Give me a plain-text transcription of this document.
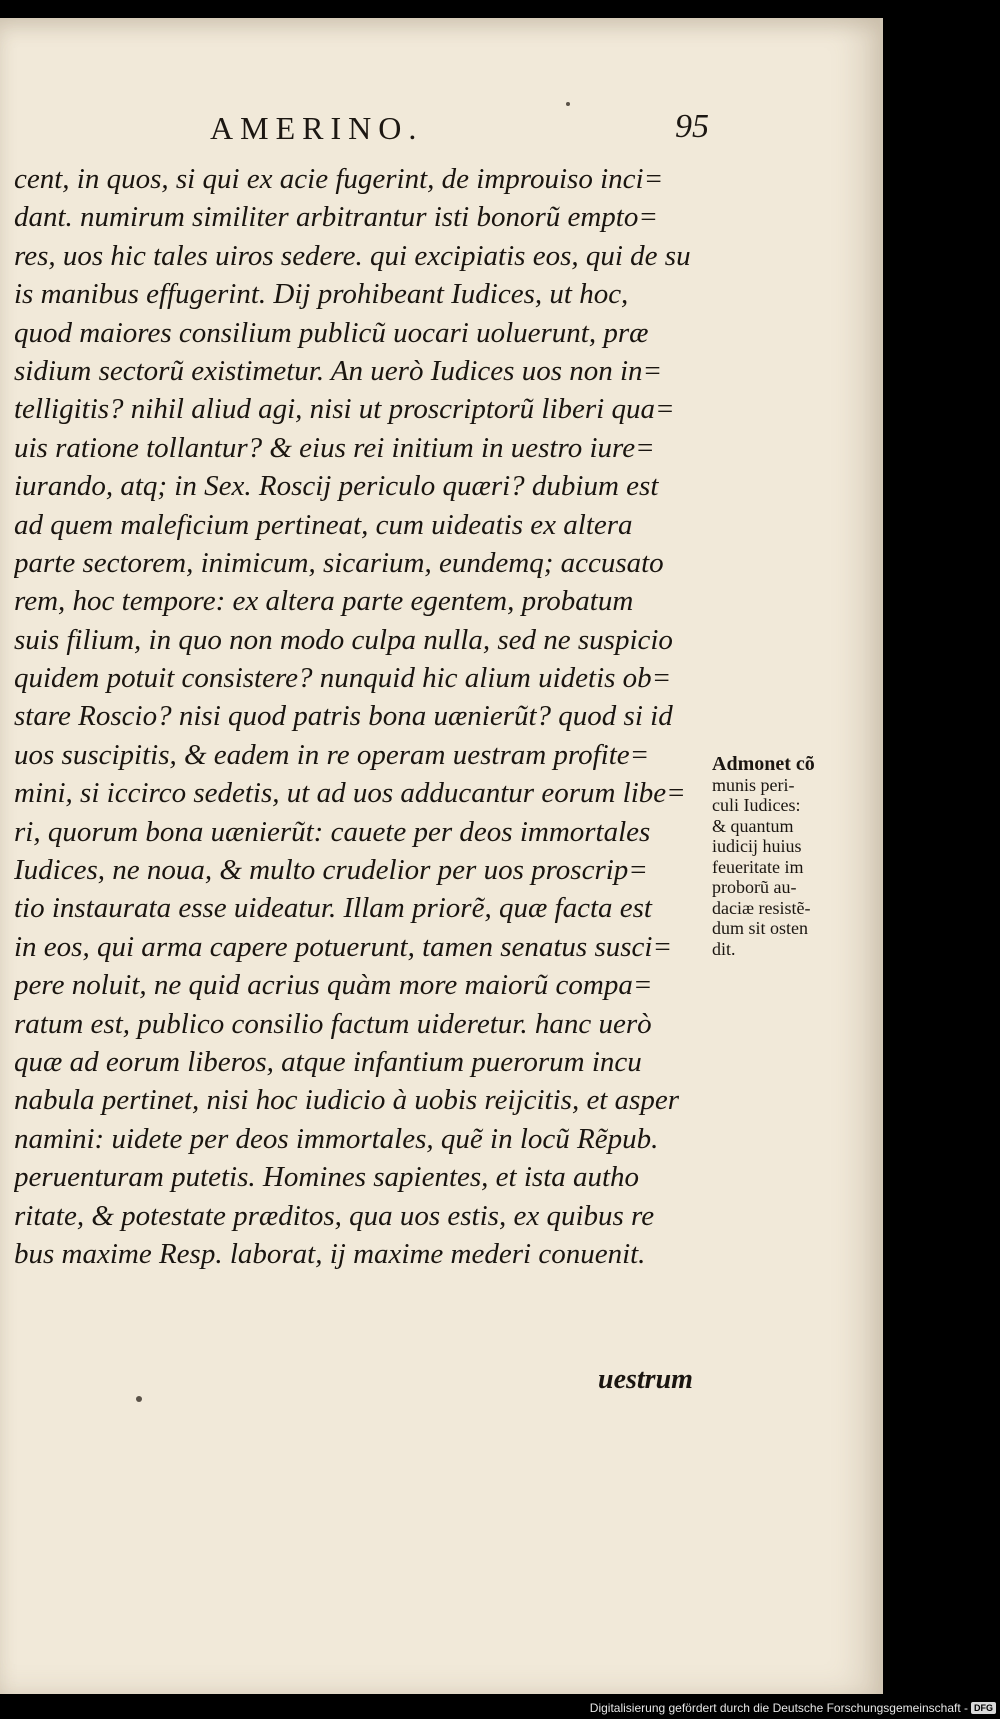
AMERINO.	95
cent, in quos, si qui ex acie fugerint, de improuiso inci=
dant. numirum similiter arbitrantur isti bonorũ empto=
res, uos hic tales uiros sedere. qui excipiatis eos, qui de su
is manibus effugerint. Dij prohibeant Iudices, ut hoc,
quod maiores consilium publicũ uocari uoluerunt, præ
sidium sectorũ existimetur. An uerò Iudices uos non in=
telligitis? nihil aliud agi, nisi ut proscriptorũ liberi qua=
uis ratione tollantur? & eius rei initium in uestro iure=
iurando, atq; in Sex. Roscij periculo quæri? dubium est
ad quem maleficium pertineat, cum uideatis ex altera
parte sectorem, inimicum, sicarium, eundemq; accusato
rem, hoc tempore: ex altera parte egentem, probatum
suis filium, in quo non modo culpa nulla, sed ne suspicio
quidem potuit consistere? nunquid hic alium uidetis ob=
stare Roscio? nisi quod patris bona uænierũt? quod si id
uos suscipitis, & eadem in re operam uestram profite=
mini, si iccirco sedetis, ut ad uos adducantur eorum libe=
ri, quorum bona uænierũt: cauete per deos immortales
Iudices, ne noua, & multo crudelior per uos proscrip=
tio instaurata esse uideatur. Illam priorẽ, quæ facta est
in eos, qui arma capere potuerunt, tamen senatus susci=
pere noluit, ne quid acrius quàm more maiorũ compa=
ratum est, publico consilio factum uideretur. hanc uerò
quæ ad eorum liberos, atque infantium puerorum incu
nabula pertinet, nisi hoc iudicio à uobis reijcitis, et asper
namini: uidete per deos immortales, quẽ in locũ Rẽpub.
peruenturam putetis. Homines sapientes, et ista autho
ritate, & potestate præditos, qua uos estis, ex quibus re
bus maxime Resp. laborat, ij maxime mederi conuenit.
uestrum
Admonet cõ
munis peri-
culi Iudices:
& quantum
iudicij huius
feueritate im
proborũ au-
daciæ resistẽ-
dum sit osten
dit.
Digitalisierung gefördert durch die Deutsche Forschungsgemeinschaft - DFG
